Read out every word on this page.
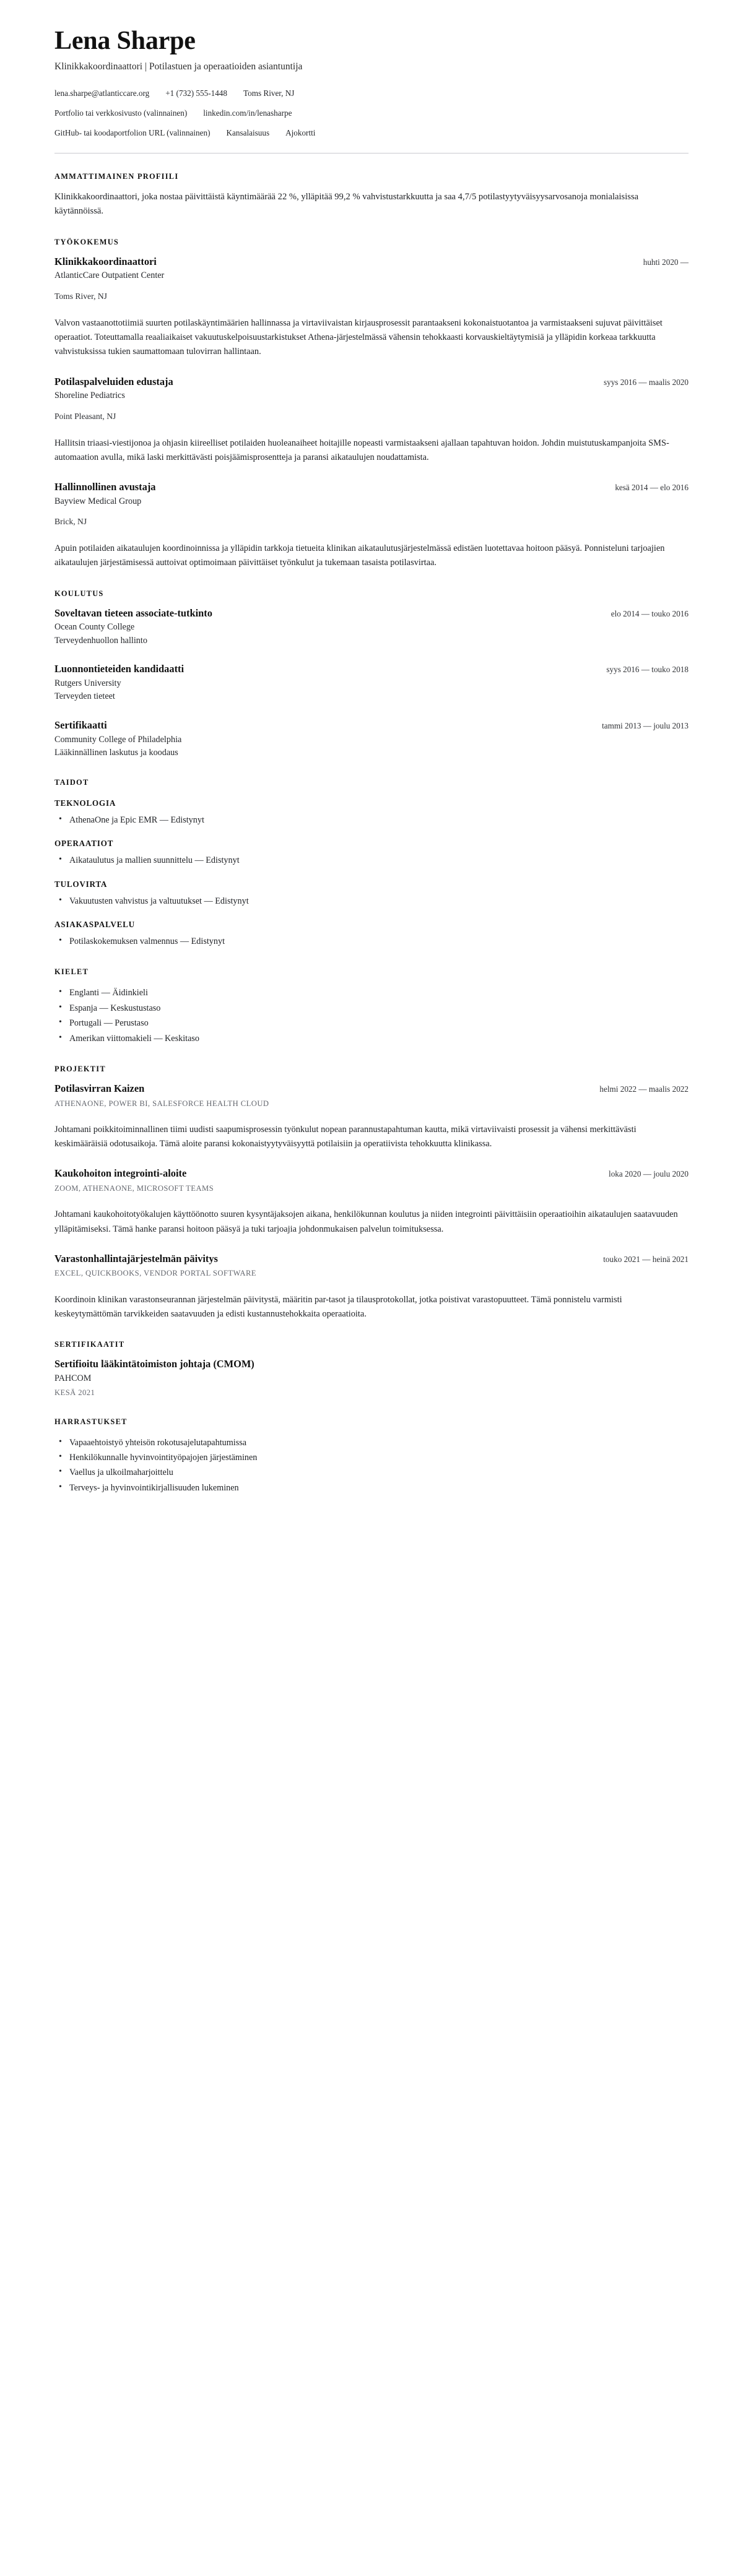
Lena Sharpe
Klinikkakoordinaattori | Potilastuen ja operaatioiden asiantuntija
lena.sharpe@atlanticcare.org +1 (732) 555-1448 Toms River, NJ
Portfolio tai verkkosivusto (valinnainen) linkedin.com/in/lenasharpe
GitHub- tai koodaportfolion URL (valinnainen) Kansalaisuus Ajokortti
AMMATTIMAINEN PROFIILI

Klinikkakoordinaattori, joka nostaa päivittäistä käyntimäärää 22 %, ylläpitää 99,2 % vahvistustarkkuutta ja saa 4,7/5 potilastyytyväisyysarvosanoja monialaisissa käytännöissä.

TYÖKOKEMUS
Klinikkakoordinaattori	huhti 2020 —
AtlanticCare Outpatient Center
Toms River, NJ

Valvon vastaanottotiimiä suurten potilaskäyntimäärien hallinnassa ja virtaviivaistan kirjausprosessit parantaakseni kokonaistuotantoa ja varmistaakseni sujuvat päivittäiset operaatiot. Toteuttamalla reaaliaikaiset vakuutuskelpoisuustarkistukset Athena-järjestelmässä vähensin tehokkaasti korvauskieltäytymisiä ja ylläpidin korkeaa tarkkuutta vahvistuksissa tukien saumattomaan tulovirran hallintaan.

Potilaspalveluiden edustaja	syys 2016 — maalis 2020
Shoreline Pediatrics
Point Pleasant, NJ

Hallitsin triaasi-viestijonoa ja ohjasin kiireelliset potilaiden huoleanaiheet hoitajille nopeasti varmistaakseni ajallaan tapahtuvan hoidon. Johdin muistutuskampanjoita SMS-automaation avulla, mikä laski merkittävästi poisjäämisprosentteja ja paransi aikataulujen noudattamista.

Hallinnollinen avustaja	kesä 2014 — elo 2016
Bayview Medical Group
Brick, NJ

Apuin potilaiden aikataulujen koordinoinnissa ja ylläpidin tarkkoja tietueita klinikan aikataulutusjärjestelmässä edistäen luotettavaa hoitoon pääsyä. Ponnisteluni tarjoajien aikataulujen järjestämisessä auttoivat optimoimaan päivittäiset työnkulut ja tukemaan tasaista potilasvirtaa.

KOULUTUS
Soveltavan tieteen associate-tutkinto	elo 2014 — touko 2016
Ocean County College
Terveydenhuollon hallinto
Luonnontieteiden kandidaatti	syys 2016 — touko 2018
Rutgers University
Terveyden tieteet
Sertifikaatti	tammi 2013 — joulu 2013
Community College of Philadelphia
Lääkinnällinen laskutus ja koodaus
TAIDOT
TEKNOLOGIA
• AthenaOne ja Epic EMR — Edistynyt
OPERAATIOT
• Aikataulutus ja mallien suunnittelu — Edistynyt
TULOVIRTA
• Vakuutusten vahvistus ja valtuutukset — Edistynyt
ASIAKASPALVELU
• Potilaskokemuksen valmennus — Edistynyt
KIELET
• Englanti — Äidinkieli
• Espanja — Keskustustaso
• Portugali — Perustaso
• Amerikan viittomakieli — Keskitaso
PROJEKTIT
Potilasvirran Kaizen	helmi 2022 — maalis 2022
ATHENAONE, POWER BI, SALESFORCE HEALTH CLOUD

Johtamani poikkitoiminnallinen tiimi uudisti saapumisprosessin työnkulut nopean parannustapahtuman kautta, mikä virtaviivaisti prosessit ja vähensi merkittävästi keskimääräisiä odotusaikoja. Tämä aloite paransi kokonaistyytyväisyyttä potilaisiin ja operatiivista tehokkuutta klinikassa.

Kaukohoiton integrointi-aloite	loka 2020 — joulu 2020
ZOOM, ATHENAONE, MICROSOFT TEAMS

Johtamani kaukohoitotyökalujen käyttöönotto suuren kysyntäjaksojen aikana, henkilökunnan koulutus ja niiden integrointi päivittäisiin operaatioihin aikataulujen saatavuuden ylläpitämiseksi. Tämä hanke paransi hoitoon pääsyä ja tuki tarjoajia johdonmukaisen palvelun toimituksessa.

Varastonhallintajärjestelmän päivitys	touko 2021 — heinä 2021
EXCEL, QUICKBOOKS, VENDOR PORTAL SOFTWARE

Koordinoin klinikan varastonseurannan järjestelmän päivitystä, määritin par-tasot ja tilausprotokollat, jotka poistivat varastopuutteet. Tämä ponnistelu varmisti keskeytymättömän tarvikkeiden saatavuuden ja edisti kustannustehokkaita operaatioita.

SERTIFIKAATIT
Sertifioitu lääkintätoimiston johtaja (CMOM)
PAHCOM
KESÄ 2021
HARRASTUKSET
• Vapaaehtoistyö yhteisön rokotusajelutapahtumissa
• Henkilökunnalle hyvinvointityöpajojen järjestäminen
• Vaellus ja ulkoilmaharjoittelu
• Terveys- ja hyvinvointikirjallisuuden lukeminen
